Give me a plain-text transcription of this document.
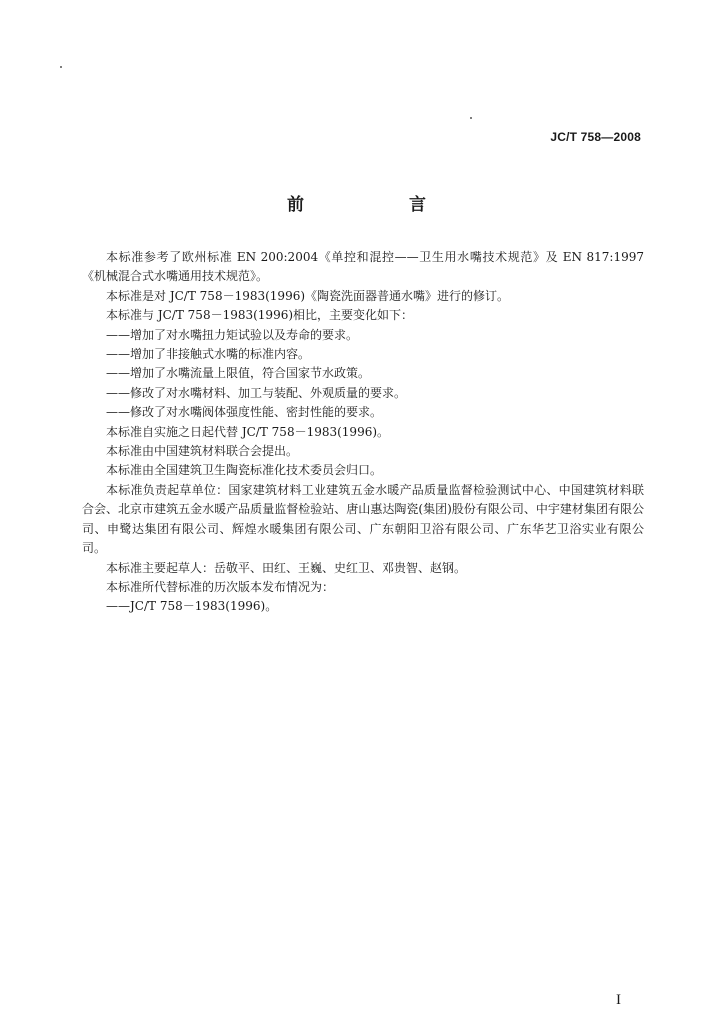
JC/T 758—2008
前　言

本标准参考了欧州标准 EN 200:2004《单控和混控——卫生用水嘴技术规范》及 EN 817:1997《机械混合式水嘴通用技术规范》。

本标准是对 JC/T 758－1983(1996)《陶瓷洗面器普通水嘴》进行的修订。

本标准与 JC/T 758－1983(1996)相比，主要变化如下：

——增加了对水嘴扭力矩试验以及寿命的要求。

——增加了非接触式水嘴的标准内容。

——增加了水嘴流量上限值，符合国家节水政策。

——修改了对水嘴材料、加工与装配、外观质量的要求。

——修改了对水嘴阀体强度性能、密封性能的要求。

本标准自实施之日起代替 JC/T 758－1983(1996)。

本标准由中国建筑材料联合会提出。

本标准由全国建筑卫生陶瓷标准化技术委员会归口。

本标准负责起草单位：国家建筑材料工业建筑五金水暖产品质量监督检验测试中心、中国建筑材料联合会、北京市建筑五金水暖产品质量监督检验站、唐山惠达陶瓷(集团)股份有限公司、中宇建材集团有限公司、申鹭达集团有限公司、辉煌水暖集团有限公司、广东朝阳卫浴有限公司、广东华艺卫浴实业有限公司。

本标准主要起草人：岳敬平、田红、王巍、史红卫、邓贵智、赵钢。

本标准所代替标准的历次版本发布情况为：

——JC/T 758－1983(1996)。

I
